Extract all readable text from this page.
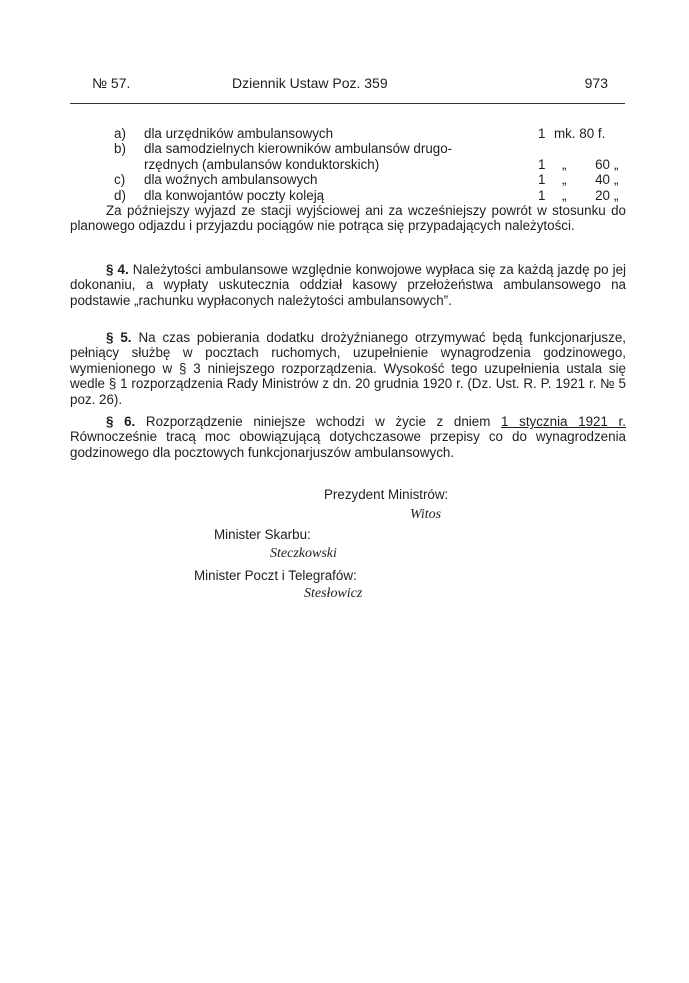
№ 57.	Dziennik Ustaw Poz. 359	973
a) dla urzędników ambulansowych	1 mk. 80 f.
b) dla samodzielnych kierowników ambulansów drugo-
rzędnych (ambulansów konduktorskich)	1 „	60 „
c) dla woźnych ambulansowych	1 „	40 „
d) dla konwojantów poczty koleją	1 „	20 „

Za późniejszy wyjazd ze stacji wyjściowej ani za wcześniejszy powrót w stosunku do planowego odjazdu i przyjazdu pociągów nie potrąca się przypadających należytości.

§ 4. Należytości ambulansowe względnie konwojowe wypłaca się za każdą jazdę po jej dokonaniu, a wypłaty uskutecznia oddział kasowy przełożeństwa ambulansowego na podstawie „rachunku wypłaconych należytości ambulansowych”.

§ 5. Na czas pobierania dodatku drożyźnianego otrzymywać będą funkcjonarjusze, pełniący służbę w pocztach ruchomych, uzupełnienie wynagrodzenia godzinowego, wymienionego w § 3 niniejszego rozporządzenia. Wysokość tego uzupełnienia ustala się wedle § 1 rozporządzenia Rady Ministrów z dn. 20 grudnia 1920 r. (Dz. Ust. R. P. 1921 r. № 5 poz. 26).

§ 6. Rozporządzenie niniejsze wchodzi w życie z dniem 1 stycznia 1921 r. Równocześnie tracą moc obowiązującą dotychczasowe przepisy co do wynagrodzenia godzinowego dla pocztowych funkcjonarjuszów ambulansowych.

Prezydent Ministrów:
Witos
Minister Skarbu:
Steczkowski
Minister Poczt i Telegrafów:
Stesłowicz
